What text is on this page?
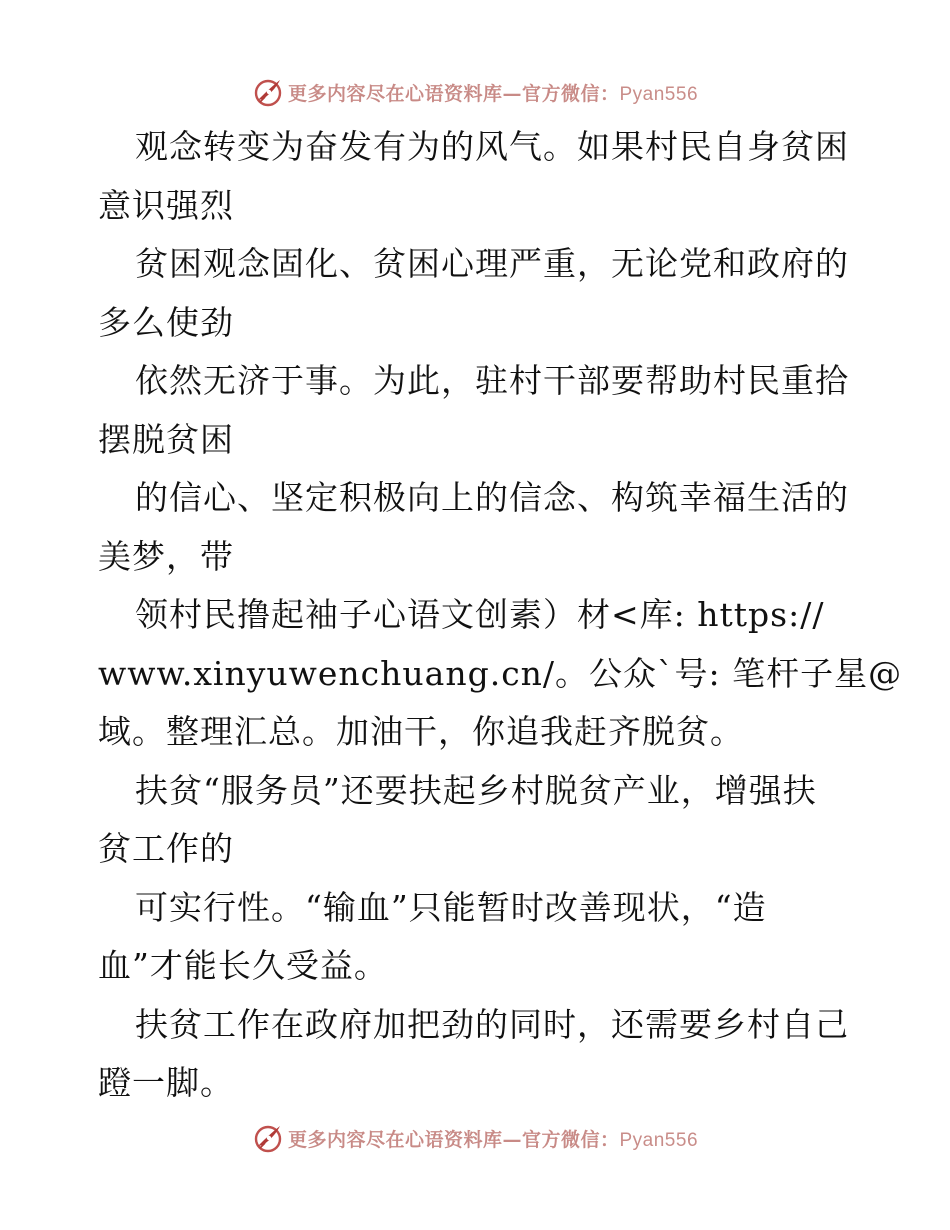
更多内容尽在心语资料库—官方微信：Pyan556

观念转变为奋发有为的风气。如果村民自身贫困
意识强烈

贫困观念固化、贫困心理严重，无论党和政府的
多么使劲

依然无济于事。为此，驻村干部要帮助村民重拾
摆脱贫困

的信心、坚定积极向上的信念、构筑幸福生活的
美梦，带

领村民撸起袖子心语文创素）材<库: https://
www.xinyuwenchuang.cn/。公众`号: 笔杆子星@
域。整理汇总。加油干，你追我赶齐脱贫。

扶贫“服务员”还要扶起乡村脱贫产业，增强扶
贫工作的

可实行性。“输血”只能暂时改善现状，“造
血”才能长久受益。

扶贫工作在政府加把劲的同时，还需要乡村自己
蹬一脚。

更多内容尽在心语资料库—官方微信：Pyan556
